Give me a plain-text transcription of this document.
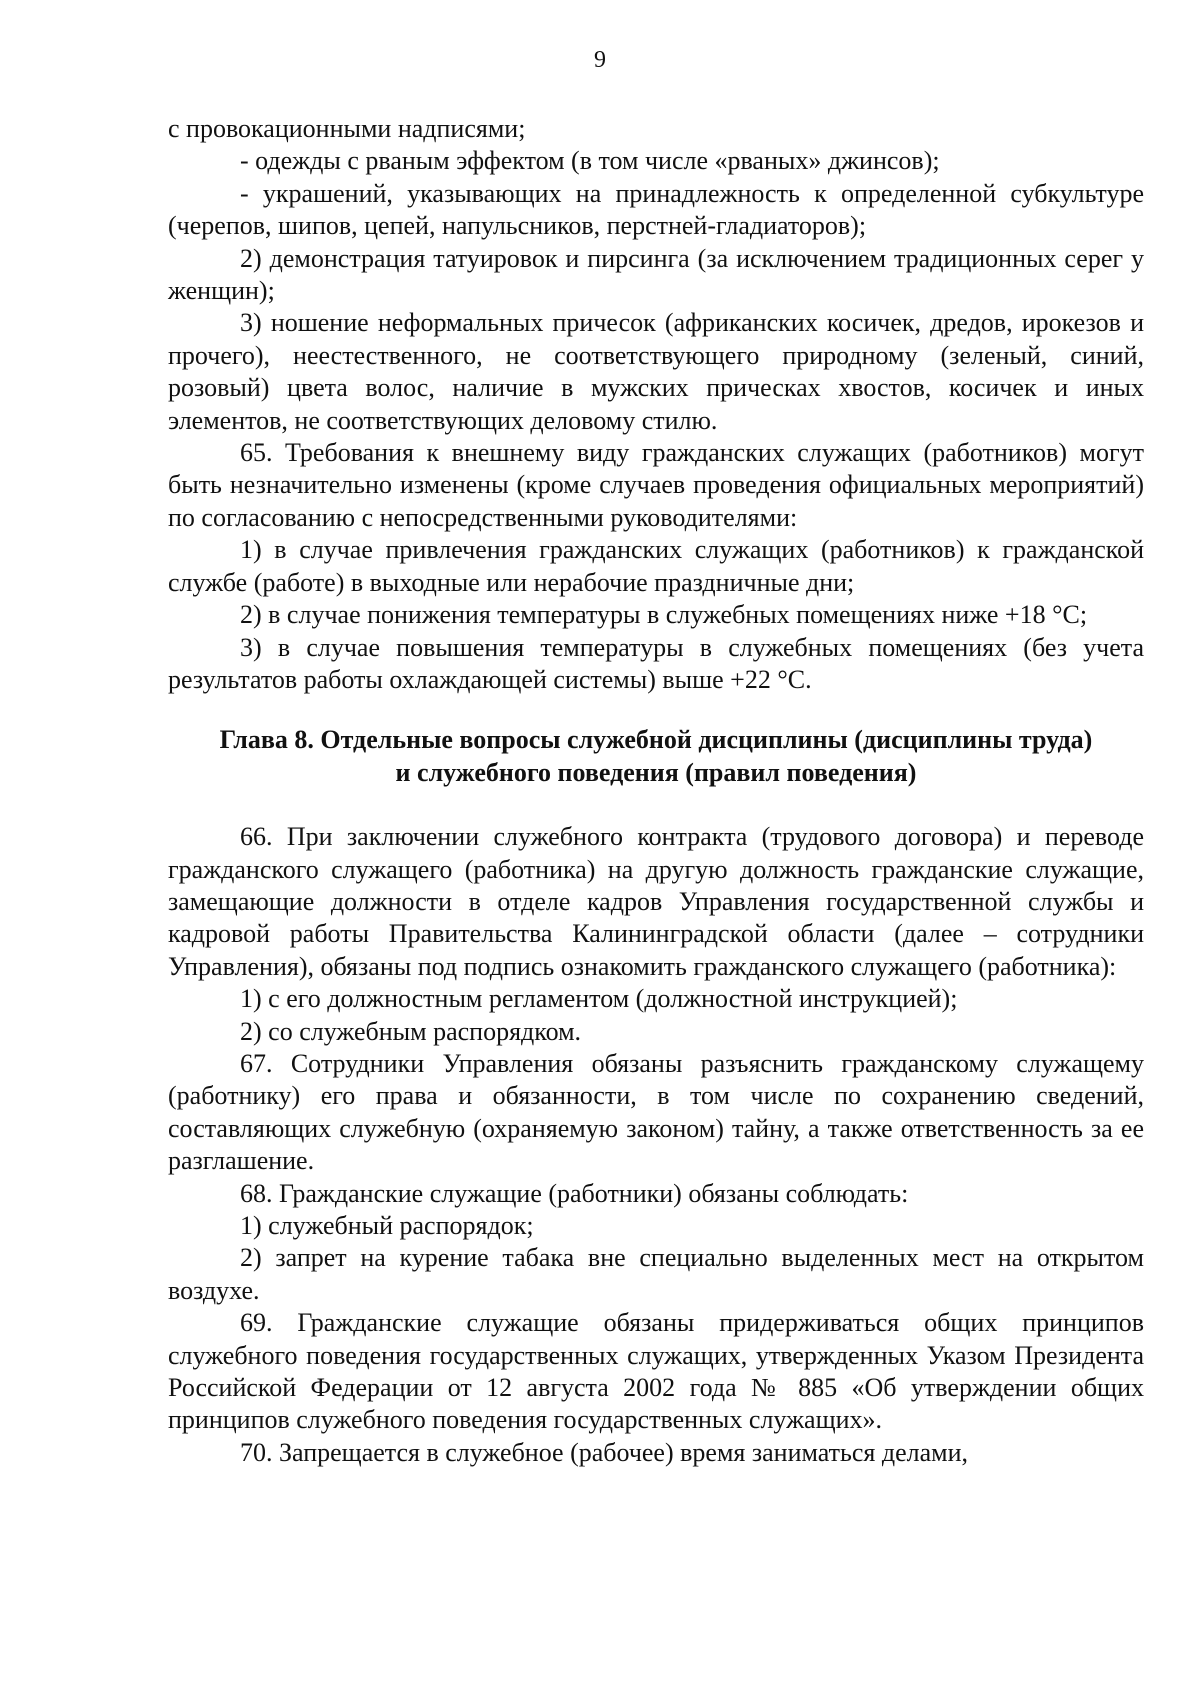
9

с провокационными надписями;

- одежды с рваным эффектом (в том числе «рваных» джинсов);

- украшений, указывающих на принадлежность к определенной субкультуре (черепов, шипов, цепей, напульсников, перстней-гладиаторов);

2) демонстрация татуировок и пирсинга (за исключением традиционных серег у женщин);

3) ношение неформальных причесок (африканских косичек, дредов, ирокезов и прочего), неестественного, не соответствующего природному (зеленый, синий, розовый) цвета волос, наличие в мужских прическах хвостов, косичек и иных элементов, не соответствующих деловому стилю.

65. Требования к внешнему виду гражданских служащих (работников) могут быть незначительно изменены (кроме случаев проведения официальных мероприятий) по согласованию с непосредственными руководителями:

1) в случае привлечения гражданских служащих (работников) к гражданской службе (работе) в выходные или нерабочие праздничные дни;

2) в случае понижения температуры в служебных помещениях ниже +18 °С;

3) в случае повышения температуры в служебных помещениях (без учета результатов работы охлаждающей системы) выше +22 °С.

Глава 8. Отдельные вопросы служебной дисциплины (дисциплины труда)
и служебного поведения (правил поведения)

66. При заключении служебного контракта (трудового договора) и переводе гражданского служащего (работника) на другую должность гражданские служащие, замещающие должности в отделе кадров Управления государственной службы и кадровой работы Правительства Калининградской области (далее – сотрудники Управления), обязаны под подпись ознакомить гражданского служащего (работника):

1) с его должностным регламентом (должностной инструкцией);

2) со служебным распорядком.

67. Сотрудники Управления обязаны разъяснить гражданскому служащему (работнику) его права и обязанности, в том числе по сохранению сведений, составляющих служебную (охраняемую законом) тайну, а также ответственность за ее разглашение.

68. Гражданские служащие (работники) обязаны соблюдать:

1) служебный распорядок;

2) запрет на курение табака вне специально выделенных мест на открытом воздухе.

69. Гражданские служащие обязаны придерживаться общих принципов служебного поведения государственных служащих, утвержденных Указом Президента Российской Федерации от 12 августа 2002 года № 885 «Об утверждении общих принципов служебного поведения государственных служащих».

70. Запрещается в служебное (рабочее) время заниматься делами,
